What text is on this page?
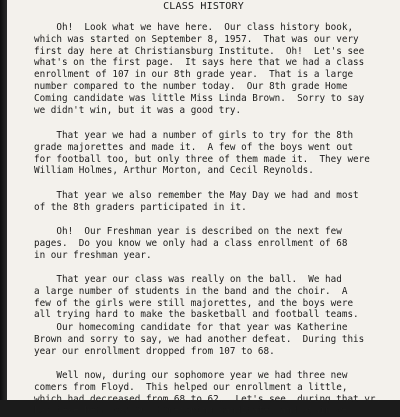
CLASS HISTORY

Oh!  Look what we have here.  Our class history book,
which was started on September 8, 1957.  That was our very
first day here at Christiansburg Institute.  Oh!  Let's see
what's on the first page.  It says here that we had a class
enrollment of 107 in our 8th grade year.  That is a large
number compared to the number today.  Our 8th grade Home
Coming candidate was little Miss Linda Brown.  Sorry to say
we didn't win, but it was a good try.

That year we had a number of girls to try for the 8th
grade majorettes and made it.  A few of the boys went out
for football too, but only three of them made it.  They were
William Holmes, Arthur Morton, and Cecil Reynolds.

That year we also remember the May Day we had and most
of the 8th graders participated in it.

Oh!  Our Freshman year is described on the next few
pages.  Do you know we only had a class enrollment of 68
in our freshman year.

That year our class was really on the ball.  We had
a large number of students in the band and the choir.  A
few of the girls were still majorettes, and the boys were
all trying hard to make the basketball and football teams.

Our homecoming candidate for that year was Katherine
Brown and sorry to say, we had another defeat.  During this
year our enrollment dropped from 107 to 68.

Well now, during our sophomore year we had three new
comers from Floyd.  This helped our enrollment a little,
which had decreased from 68 to 62.  Let's see, during that yr.
Larnieve Penn was our homecoming candidate, and again we
